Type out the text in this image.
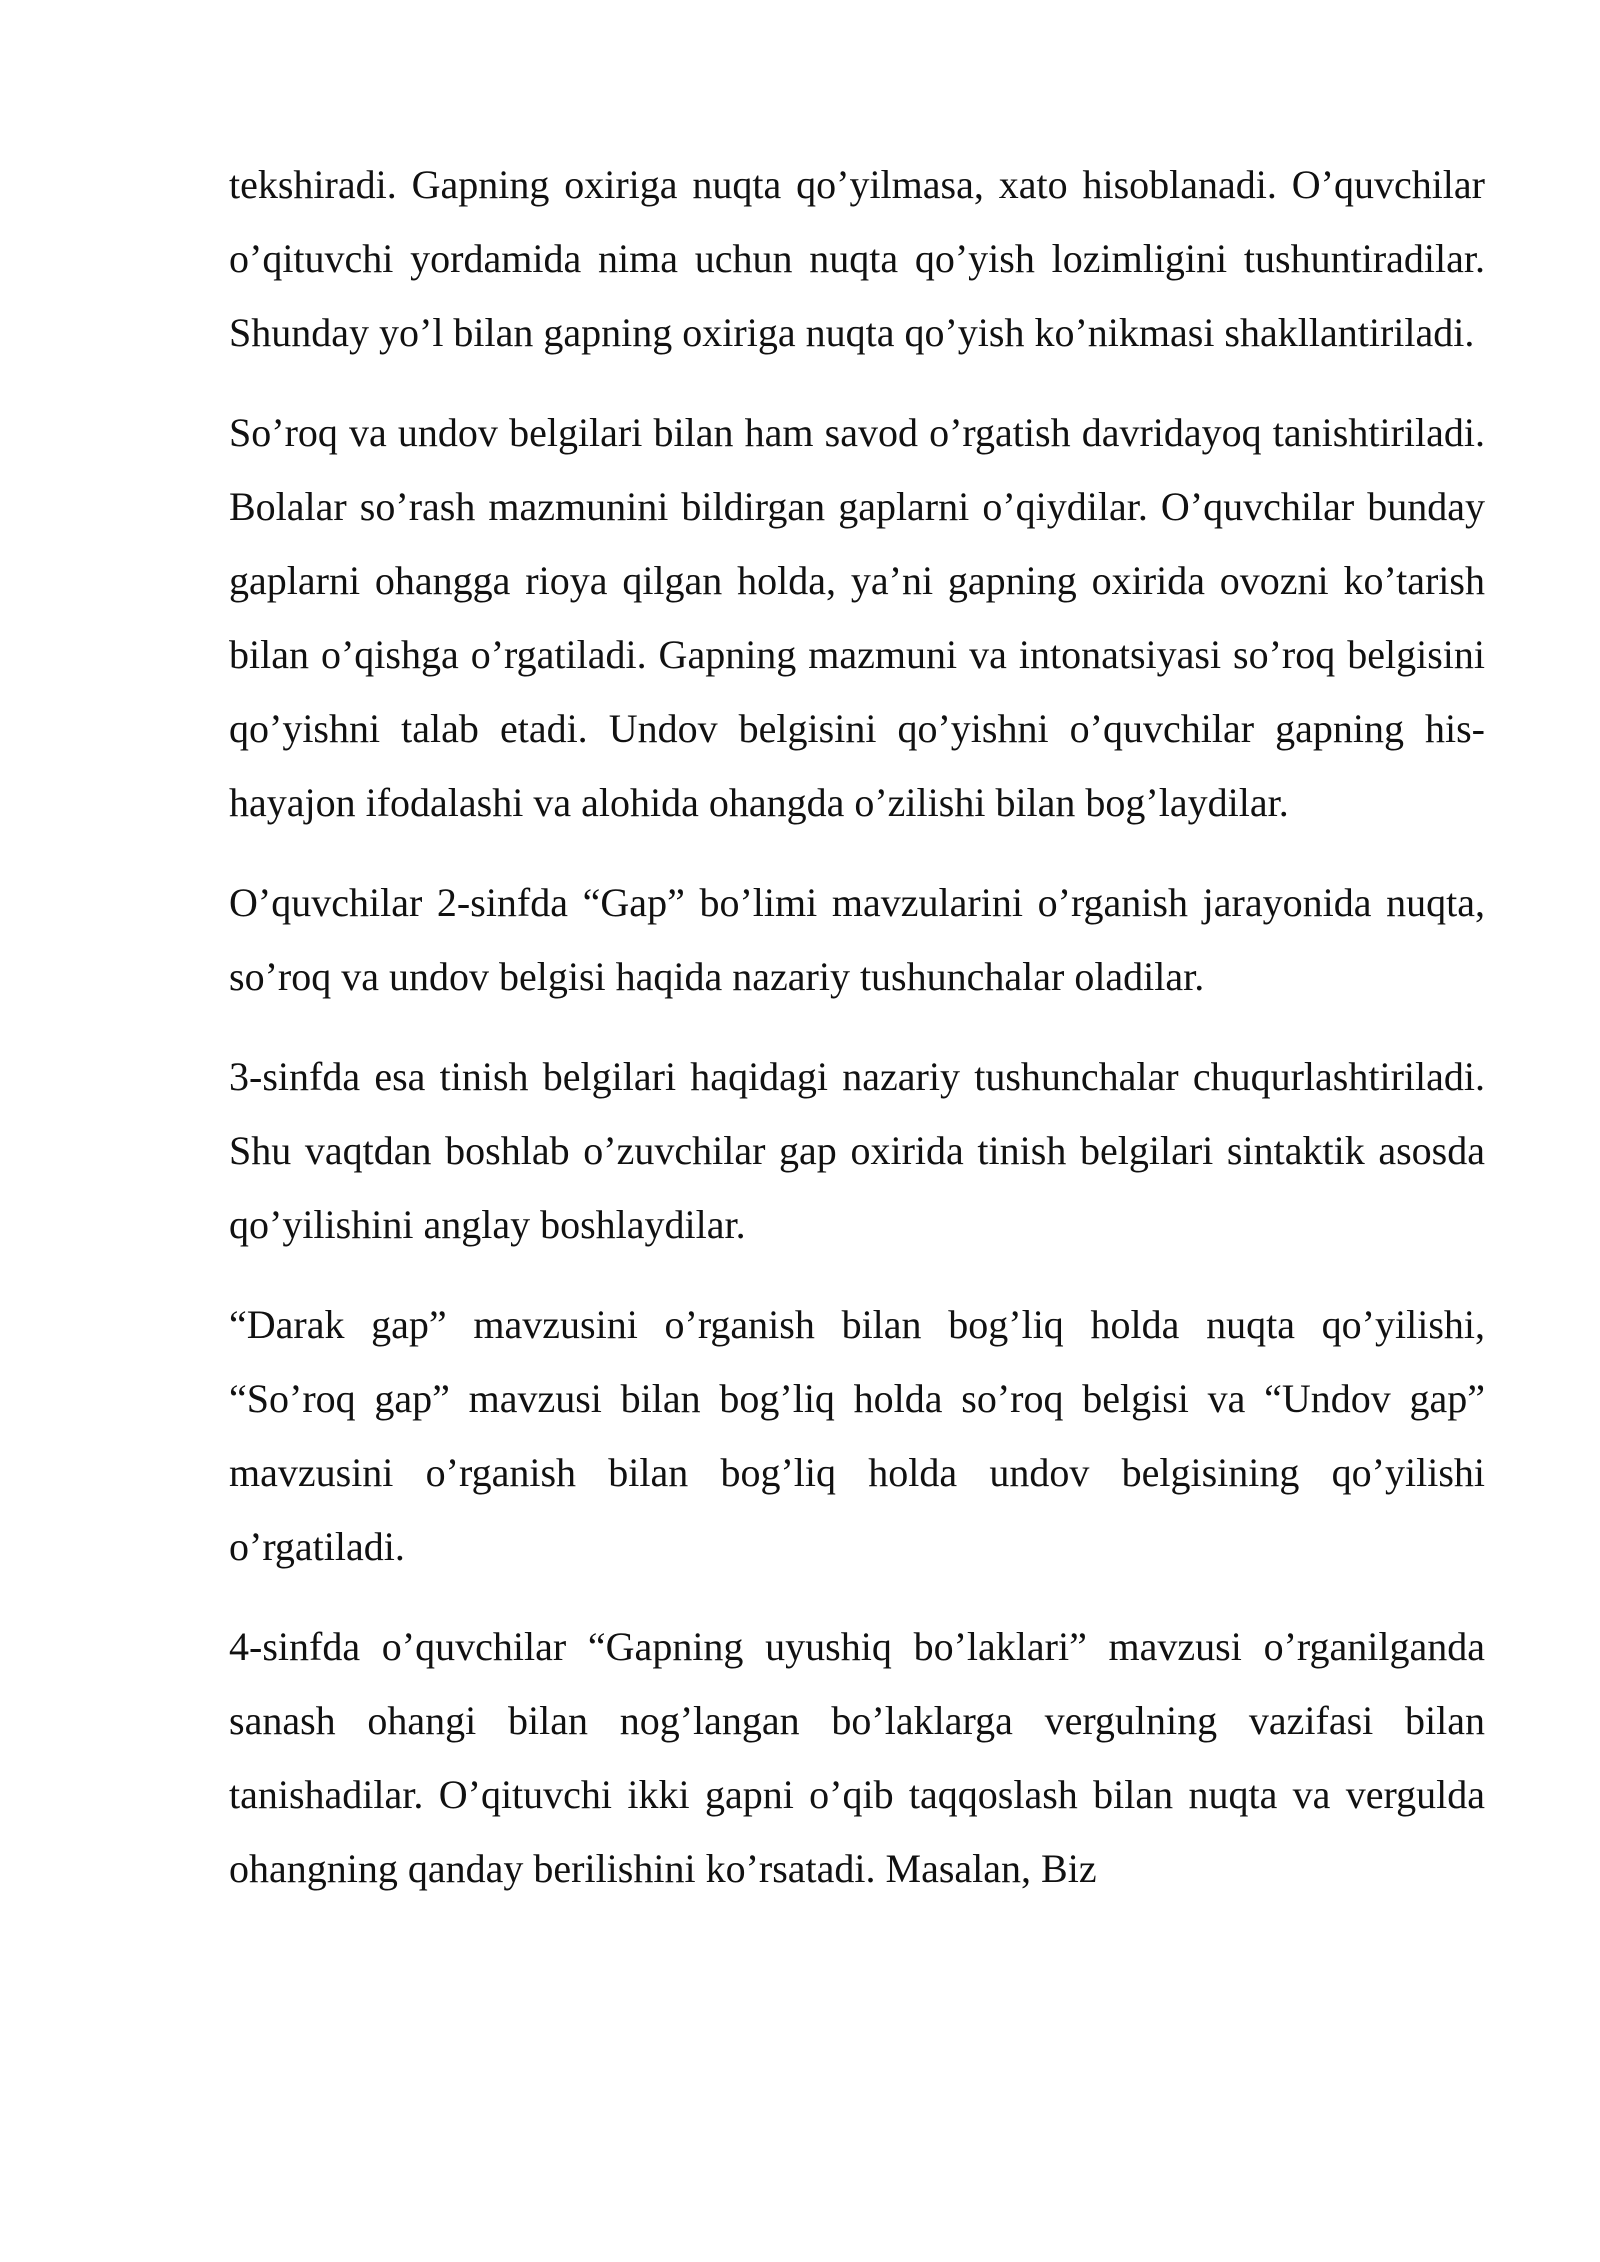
tekshiradi. Gapning oxiriga nuqta qo’yilmasa, xato hisoblanadi. O’quvchilar o’qituvchi yordamida nima uchun nuqta qo’yish lozimligini tushuntiradilar. Shunday yo’l bilan gapning oxiriga nuqta qo’yish ko’nikmasi shakllantiriladi.

So’roq va undov belgilari bilan ham savod o’rgatish davridayoq tanishtiriladi. Bolalar so’rash mazmunini bildirgan gaplarni o’qiydilar. O’quvchilar bunday gaplarni ohangga rioya qilgan holda, ya’ni gapning oxirida ovozni ko’tarish bilan o’qishga o’rgatiladi. Gapning mazmuni va intonatsiyasi so’roq belgisini qo’yishni talab etadi. Undov belgisini qo’yishni o’quvchilar gapning his-hayajon ifodalashi va alohida ohangda o’zilishi bilan bog’laydilar.

O’quvchilar 2-sinfda “Gap” bo’limi mavzularini o’rganish jarayonida nuqta, so’roq va undov belgisi haqida nazariy tushunchalar oladilar.

3-sinfda esa tinish belgilari haqidagi nazariy tushunchalar chuqurlashtiriladi. Shu vaqtdan boshlab o’zuvchilar gap oxirida tinish belgilari sintaktik asosda qo’yilishini anglay boshlaydilar.

“Darak gap” mavzusini o’rganish bilan bog’liq holda nuqta qo’yilishi, “So’roq gap” mavzusi bilan bog’liq holda so’roq belgisi va “Undov gap” mavzusini o’rganish bilan bog’liq holda undov belgisining qo’yilishi o’rgatiladi.

4-sinfda o’quvchilar “Gapning uyushiq bo’laklari” mavzusi o’rganilganda sanash ohangi bilan nog’langan bo’laklarga vergulning vazifasi bilan tanishadilar. O’qituvchi ikki gapni o’qib taqqoslash bilan nuqta va vergulda ohangning qanday berilishini ko’rsatadi. Masalan, Biz
